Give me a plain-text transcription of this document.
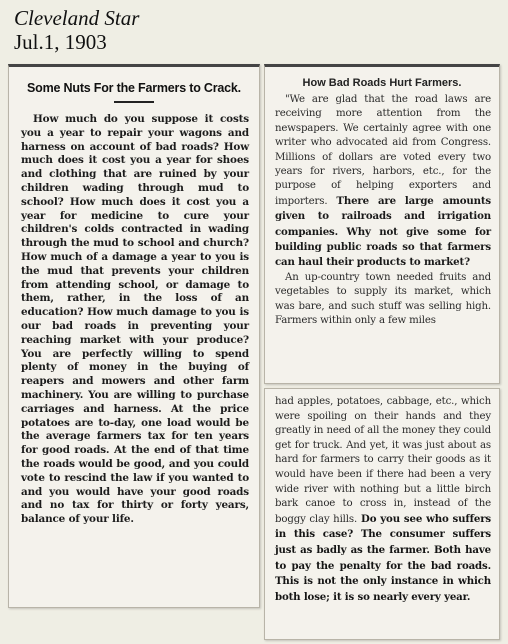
Cleveland Star
Jul.1, 1903
Some Nuts For the Farmers to Crack.

How much do you suppose it costs you a year to repair your wagons and harness on account of bad roads? How much does it cost you a year for shoes and clothing that are ruined by your children wading through mud to school? How much does it cost you a year for medicine to cure your children's colds contracted in wading through the mud to school and church? How much of a damage a year to you is the mud that prevents your children from attending school, or damage to them, rather, in the loss of an education? How much damage to you is our bad roads in preventing your reaching market with your produce? You are perfectly willing to spend plenty of money in the buying of reapers and mowers and other farm machinery. You are willing to purchase carriages and harness. At the price potatoes are to-day, one load would be the average farmers tax for ten years for good roads. At the end of that time the roads would be good, and you could vote to rescind the law if you wanted to and you would have your good roads and no tax for thirty or forty years, balance of your life.

How Bad Roads Hurt Farmers.

"We are glad that the road laws are receiving more attention from the newspapers. We certainly agree with one writer who advocated aid from Congress. Millions of dollars are voted every two years for rivers, harbors, etc., for the purpose of helping exporters and importers. There are large amounts given to railroads and irrigation companies. Why not give some for building public roads so that farmers can haul their products to market?

An up-country town needed fruits and vegetables to supply its market, which was bare, and such stuff was selling high. Farmers within only a few miles

had apples, potatoes, cabbage, etc., which were spoiling on their hands and they greatly in need of all the money they could get for truck. And yet, it was just about as hard for farmers to carry their goods as it would have been if there had been a very wide river with nothing but a little birch bark canoe to cross in, instead of the boggy clay hills. Do you see who suffers in this case? The consumer suffers just as badly as the farmer. Both have to pay the penalty for the bad roads. This is not the only instance in which both lose; it is so nearly every year.
